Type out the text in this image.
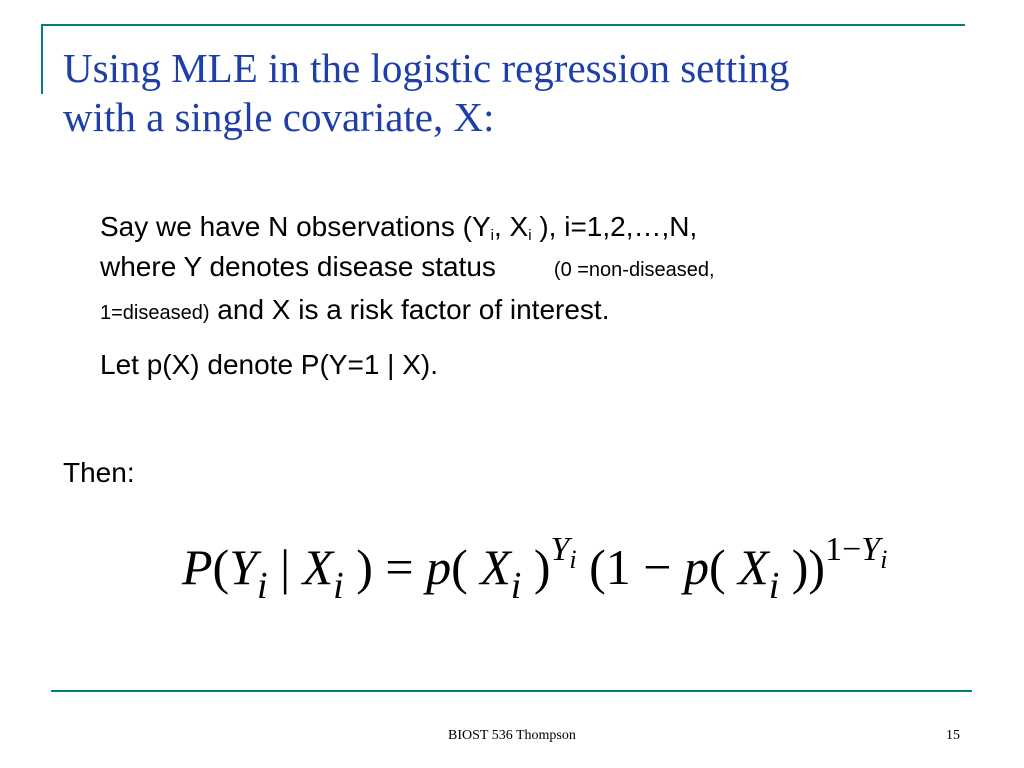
Using MLE in the logistic regression setting
with a single covariate, X:
Say we have N observations ($Y_i$, $X_i$ ), i=1,2,…,N,
where Y denotes disease status	(0 =non-diseased,
1=diseased) and X is a risk factor of interest.
Let p(X) denote P(Y=1 | X).
Then:
$P(Y_i$ | $X_i$ ) = p( $X_i$ )$^{Y_i}$ (1 − p( $X_i$ ))$^{1-Y_i}$
BIOST 536 Thompson	15
